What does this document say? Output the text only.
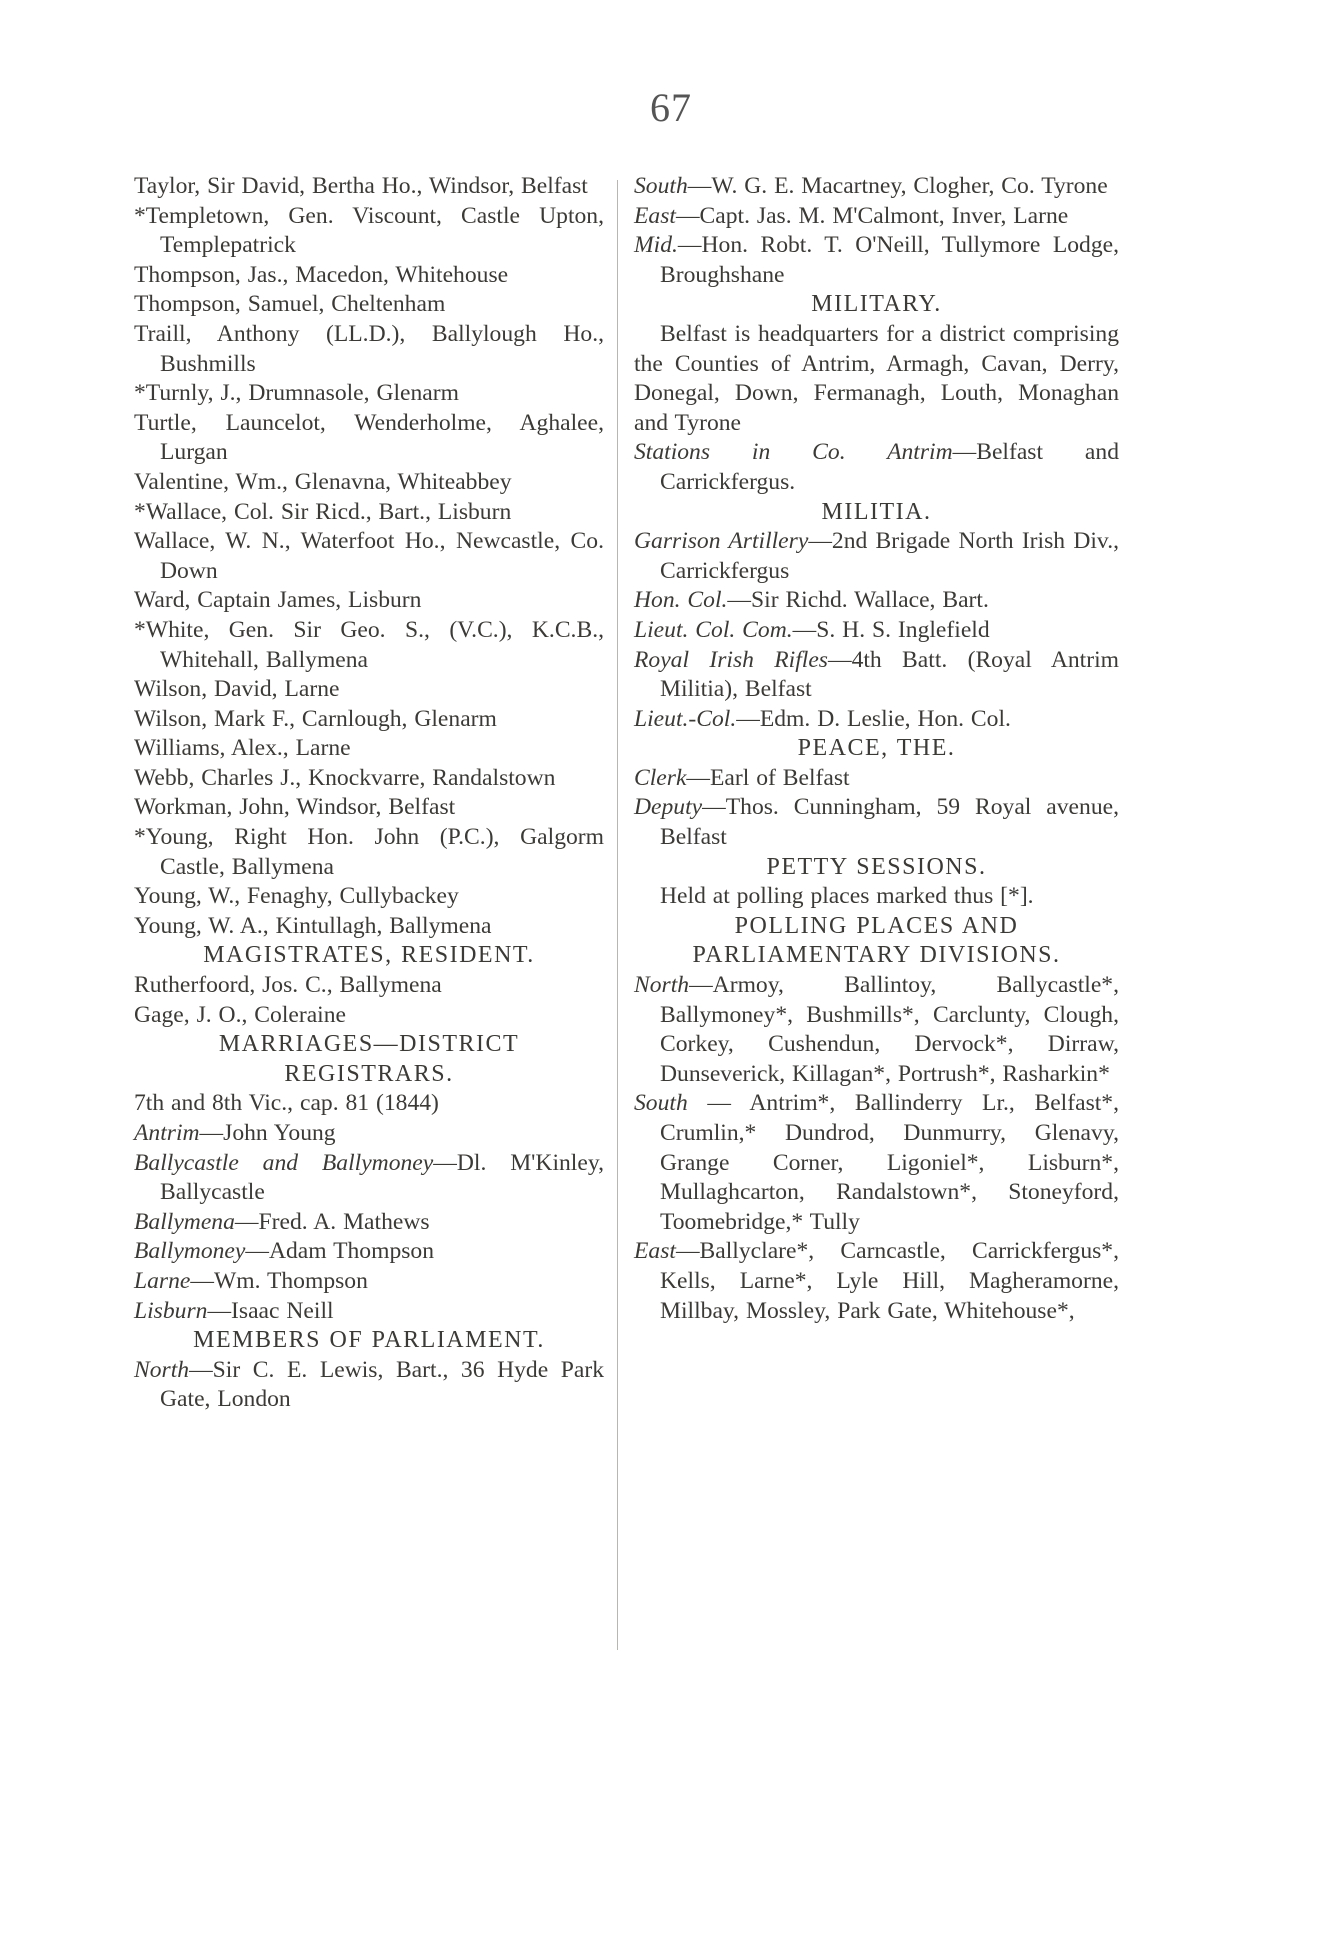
67
Taylor, Sir David, Bertha Ho., Windsor, Belfast
*Templetown, Gen. Viscount, Castle Upton, Templepatrick
Thompson, Jas., Macedon, Whitehouse
Thompson, Samuel, Cheltenham
Traill, Anthony (LL.D.), Ballylough Ho., Bushmills
*Turnly, J., Drumnasole, Glenarm
Turtle, Launcelot, Wenderholme, Aghalee, Lurgan
Valentine, Wm., Glenavna, Whiteabbey
*Wallace, Col. Sir Ricd., Bart., Lisburn
Wallace, W. N., Waterfoot Ho., Newcastle, Co. Down
Ward, Captain James, Lisburn
*White, Gen. Sir Geo. S., (V.C.), K.C.B., Whitehall, Ballymena
Wilson, David, Larne
Wilson, Mark F., Carnlough, Glenarm
Williams, Alex., Larne
Webb, Charles J., Knockvarre, Randalstown
Workman, John, Windsor, Belfast
*Young, Right Hon. John (P.C.), Galgorm Castle, Ballymena
Young, W., Fenaghy, Cullybackey
Young, W. A., Kintullagh, Ballymena
MAGISTRATES, RESIDENT.
Rutherfoord, Jos. C., Ballymena
Gage, J. O., Coleraine
MARRIAGES—DISTRICT REGISTRARS.
7th and 8th Vic., cap. 81 (1844)
Antrim—John Young
Ballycastle and Ballymoney—Dl. M'Kinley, Ballycastle
Ballymena—Fred. A. Mathews
Ballymoney—Adam Thompson
Larne—Wm. Thompson
Lisburn—Isaac Neill
MEMBERS OF PARLIAMENT.
North—Sir C. E. Lewis, Bart., 36 Hyde Park Gate, London
South—W. G. E. Macartney, Clogher, Co. Tyrone
East—Capt. Jas. M. M'Calmont, Inver, Larne
Mid.—Hon. Robt. T. O'Neill, Tullymore Lodge, Broughshane
MILITARY.
Belfast is headquarters for a district comprising the Counties of Antrim, Armagh, Cavan, Derry, Donegal, Down, Fermanagh, Louth, Monaghan and Tyrone
Stations in Co. Antrim—Belfast and Carrickfergus.
MILITIA.
Garrison Artillery—2nd Brigade North Irish Div., Carrickfergus
Hon. Col.—Sir Richd. Wallace, Bart.
Lieut. Col. Com.—S. H. S. Inglefield
Royal Irish Rifles—4th Batt. (Royal Antrim Militia), Belfast
Lieut.-Col.—Edm. D. Leslie, Hon. Col.
PEACE, THE.
Clerk—Earl of Belfast
Deputy—Thos. Cunningham, 59 Royal avenue, Belfast
PETTY SESSIONS.
Held at polling places marked thus [*].
POLLING PLACES AND PARLIAMENTARY DIVISIONS.
North—Armoy, Ballintoy, Ballycastle*, Ballymoney*, Bushmills*, Carclunty, Clough, Corkey, Cushendun, Dervock*, Dirraw, Dunseverick, Killagan*, Portrush*, Rasharkin*
South — Antrim*, Ballinderry Lr., Belfast*, Crumlin,* Dundrod, Dunmurry, Glenavy, Grange Corner, Ligoniel*, Lisburn*, Mullaghcarton, Randalstown*, Stoneyford, Toomebridge,* Tully
East—Ballyclare*, Carncastle, Carrickfergus*, Kells, Larne*, Lyle Hill, Magheramorne, Millbay, Mossley, Park Gate, Whitehouse*,
